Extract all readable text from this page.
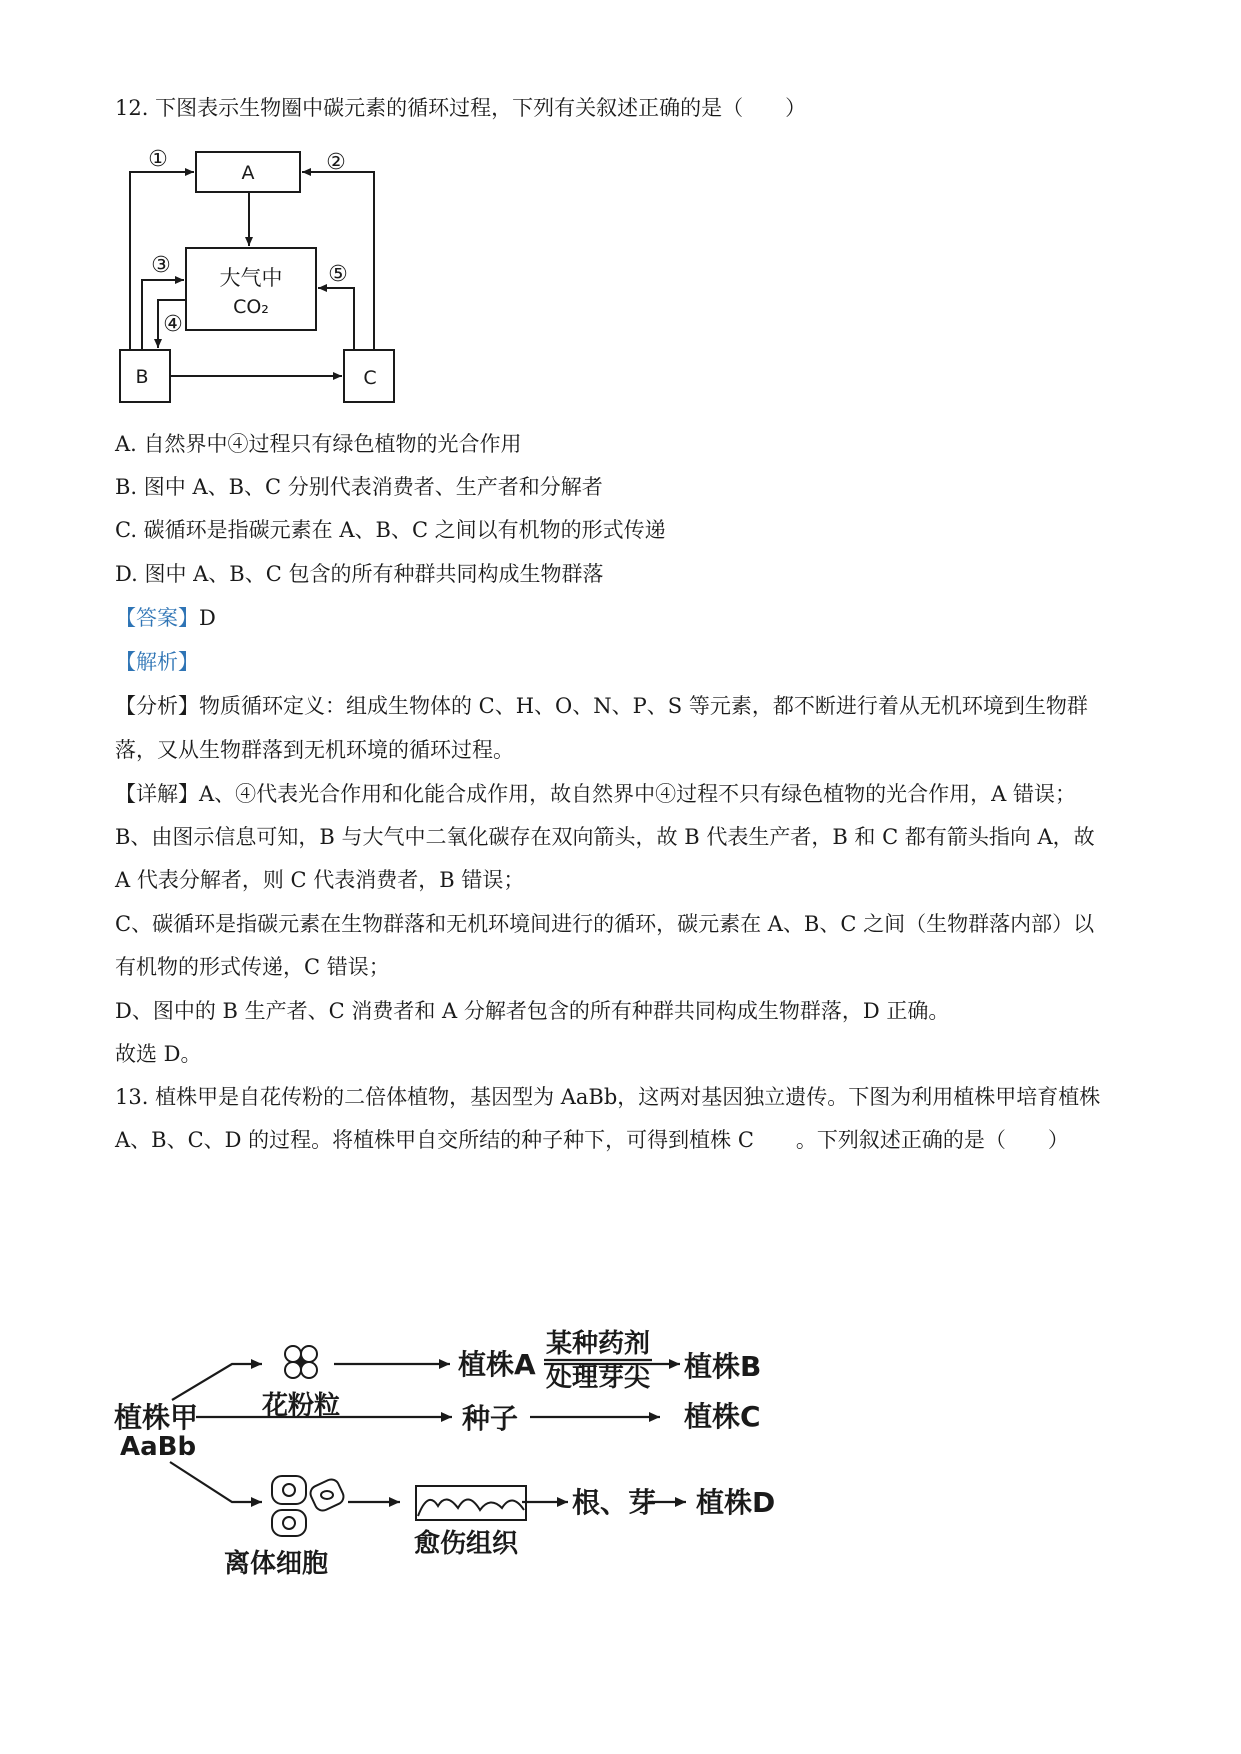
12. 下图表示生物圈中碳元素的循环过程，下列有关叙述正确的是（　　）
A
大气中
CO₂
B	C
①	②
③
④
⑤
A. 自然界中④过程只有绿色植物的光合作用
B. 图中 A、B、C 分别代表消费者、生产者和分解者
C. 碳循环是指碳元素在 A、B、C 之间以有机物的形式传递
D. 图中 A、B、C 包含的所有种群共同构成生物群落
【答案】D
【解析】
【分析】物质循环定义：组成生物体的 C、H、O、N、P、S 等元素，都不断进行着从无机环境到生物群
落，又从生物群落到无机环境的循环过程。
【详解】A、④代表光合作用和化能合成作用，故自然界中④过程不只有绿色植物的光合作用，A 错误；
B、由图示信息可知，B 与大气中二氧化碳存在双向箭头，故 B 代表生产者，B 和 C 都有箭头指向 A，故
A 代表分解者，则 C 代表消费者，B 错误；
C、碳循环是指碳元素在生物群落和无机环境间进行的循环，碳元素在 A、B、C 之间（生物群落内部）以
有机物的形式传递，C 错误；
D、图中的 B 生产者、C 消费者和 A 分解者包含的所有种群共同构成生物群落，D 正确。
故选 D。
13. 植株甲是自花传粉的二倍体植物，基因型为 AaBb，这两对基因独立遗传。下图为利用植株甲培育植株
A、B、C、D 的过程。将植株甲自交所结的种子种下，可得到植株 C　　。下列叙述正确的是（　　）
植株甲
AaBb
花粉粒
离体细胞
愈伤组织
植株A
某种药剂
处理芽尖 植株B
种子	植株C
根、芽 植株D
